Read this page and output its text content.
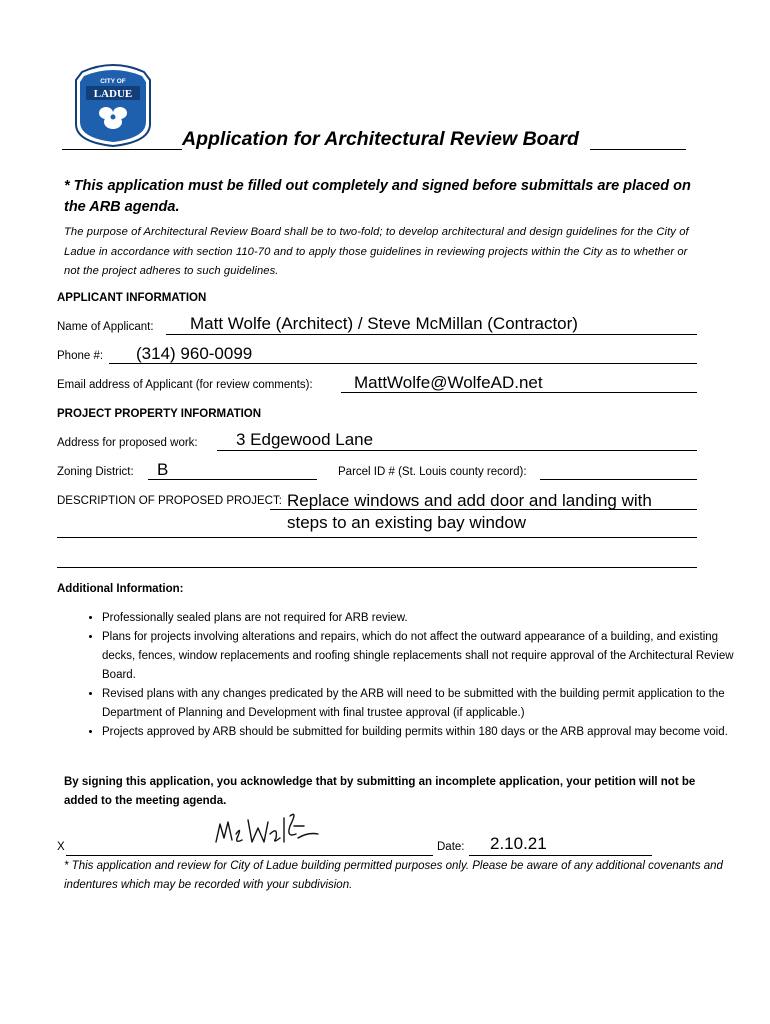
CITY OF
LADUE
Application for Architectural Review Board
* This application must be filled out completely and signed before submittals are placed on the ARB agenda.
The purpose of Architectural Review Board shall be to two-fold; to develop architectural and design guidelines for the City of Ladue in accordance with section 110-70 and to apply those guidelines in reviewing projects within the City as to whether or not the project adheres to such guidelines.
APPLICANT INFORMATION
Name of Applicant: Matt Wolfe (Architect) / Steve McMillan (Contractor)
Phone #: (314) 960-0099
Email address of Applicant (for review comments): MattWolfe@WolfeAD.net
PROJECT PROPERTY INFORMATION
Address for proposed work: 3 Edgewood Lane
Zoning District: B	Parcel ID # (St. Louis county record):
DESCRIPTION OF PROPOSED PROJECT: Replace windows and add door and landing with
steps to an existing bay window
Additional Information:
• Professionally sealed plans are not required for ARB review.
• Plans for projects involving alterations and repairs, which do not affect the outward appearance of a building, and existing decks, fences, window replacements and roofing shingle replacements shall not require approval of the Architectural Review Board.
• Revised plans with any changes predicated by the ARB will need to be submitted with the building permit application to the Department of Planning and Development with final trustee approval (if applicable.)
• Projects approved by ARB should be submitted for building permits within 180 days or the ARB approval may become void.
By signing this application, you acknowledge that by submitting an incomplete application, your petition will not be added to the meeting agenda.
X	Date: 2.10.21
* This application and review for City of Ladue building permitted purposes only. Please be aware of any additional covenants and indentures which may be recorded with your subdivision.
